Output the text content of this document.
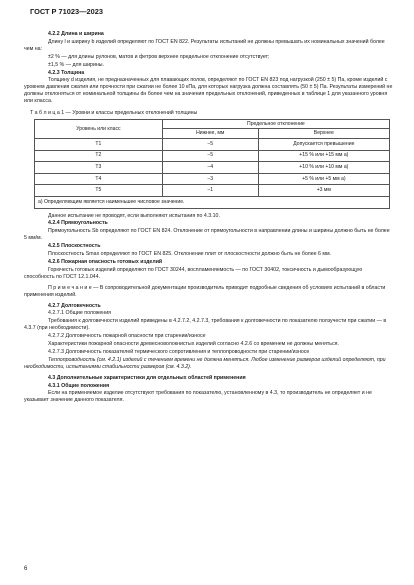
ГОСТ Р 71023—2023

4.2.2 Длина и ширина

Длину l и ширину b изделий определяют по ГОСТ EN 822. Результаты испытаний не должны превышать их номинальных значений более чем на:

±2 % — для длины рулонов, матов и фетров верхнее предельное отклонение отсутствует;

±1,5 % — для ширины.

4.2.3 Толщина

Толщину d изделия, не предназначенных для плавающих полов, определяют по ГОСТ EN 823 под нагрузкой (250 ± 5) Па, кроме изделий с уровнем давления сжатия или прочности при сжатии не более 10 кПа, для которых нагрузка должна составлять (50 ± 5) Па. Результаты измерений не должны отклоняться от номинальной толщины dн более чем на значения предельных отклонений, приведенных в таблице 1 для указанного уровня или класса.

Т а б л и ц а 1 — Уровни и классы предельных отклонений толщины

Уровень или класс	Предельное отклонение	
	Нижнее, мм	Верхнее
T1	−5	Допускается превышение
T2	−5	+15 % или +15 мм a)
T3	−4	+10 % или +10 мм a)
T4	−3	+5 % или +5 мм a)
T5	−1	+3 мм
a) Определяющим является наименьшее числовое значение.		

Данное испытание не проводят, если выполняют испытания по 4.3.10.

4.2.4 Прямоугольность

Прямоугольность Sb определяют по ГОСТ EN 824. Отклонение от прямоугольности в направлении длины и ширины должно быть не более 5 мм/м.

4.2.5 Плоскостность

Плоскостность Smax определяют по ГОСТ EN 825. Отклонение плит от плоскостности должно быть не более 6 мм.

4.2.6 Пожарная опасность готовых изделий

Горючесть готовых изделий определяют по ГОСТ 30244, воспламеняемость — по ГОСТ 30402, токсичность и дымообразующую способность по ГОСТ 12.1.044.

П р и м е ч а н и е — В сопроводительной документации производитель приводит подробные сведения об условиях испытаний в области применения изделий.

4.2.7 Долговечность

4.2.7.1 Общие положения

Требования к долговечности изделий приведены в 4.2.7.2, 4.2.7.3, требования к долговечности по показателю ползучести при сжатии — в 4.3.7 (при необходимости).

4.2.7.2 Долговечность пожарной опасности при старении/износе

Характеристики пожарной опасности древесноволокнистых изделий согласно 4.2.6 со временем не должны меняться.

4.2.7.3 Долговечность показателей термического сопротивления и теплопроводности при старении/износе

Теплопроводность (см. 4.2.1) изделий с течением времени не должна меняться. Любое изменение размеров изделий определяют, при необходимости, испытаниями стабильности размеров (см. 4.3.2).

4.3 Дополнительные характеристики для отдельных областей применения

4.3.1 Общие положения

Если на применяемое изделие отсутствуют требования по показателю, установленному в 4.3, то производитель не определяет и не указывает значение данного показателя.

6
